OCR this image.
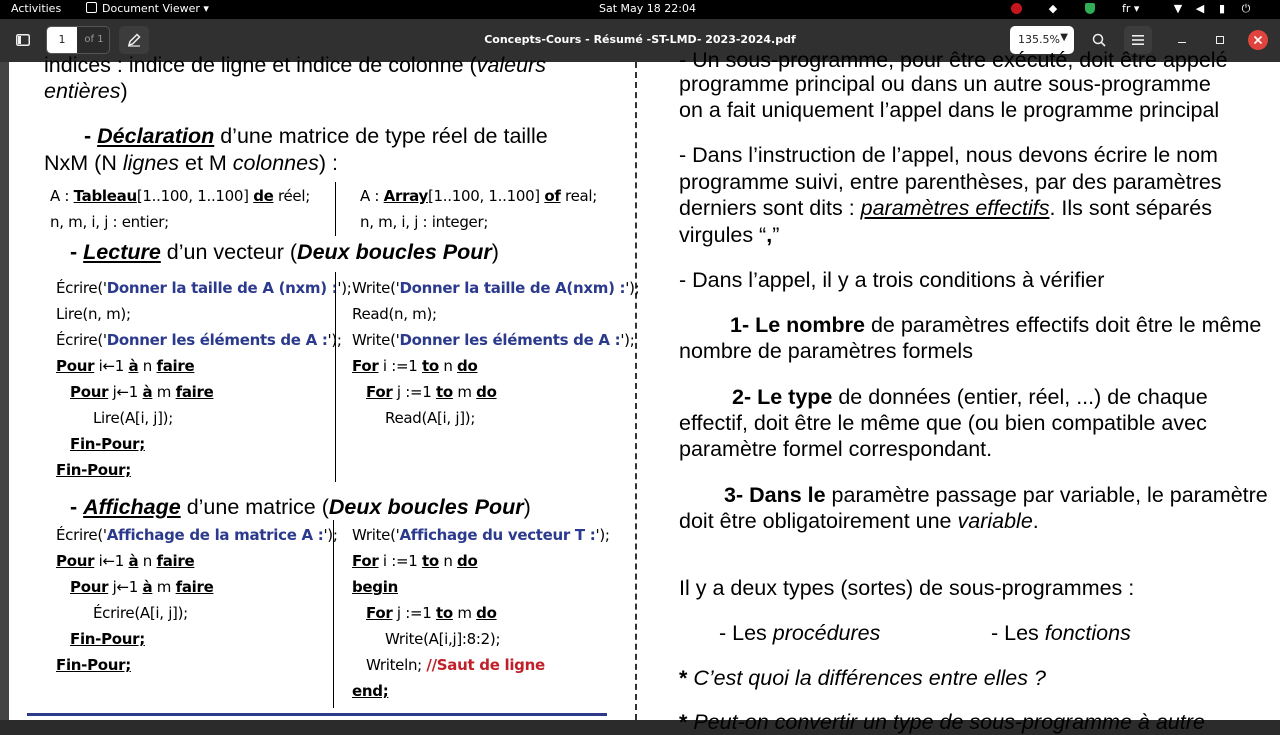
Activities	Document Viewer ▾	Sat May 18 22:04	◆	fr ▾	▼ ◀ ▮ ⏻
Concepts-Cours - Résumé -ST-LMD- 2023-2024.pdf
1	of 1	135.5% ▼
indices : indice de ligne et indice de colonne (valeurs
entières)
- Déclaration d’une matrice de type réel de taille
NxM (N lignes et M colonnes) :
A : Tableau[1..100, 1..100] de réel;
n, m, i, j : entier;
A : Array[1..100, 1..100] of real;
n, m, i, j : integer;
- Lecture d’un vecteur (Deux boucles Pour)
Écrire('Donner la taille de A (nxm) :');
Lire(n, m);
Écrire('Donner les éléments de A :');
Pour i←1 à n faire
Pour j←1 à m faire
Lire(A[i, j]);
Fin-Pour;
Fin-Pour;
Write('Donner la taille de A(nxm) :');
Read(n, m);
Write('Donner les éléments de A :');
For i :=1 to n do
For j :=1 to m do
Read(A[i, j]);
- Affichage d’une matrice (Deux boucles Pour)
Écrire('Affichage de la matrice A :');
Pour i←1 à n faire
Pour j←1 à m faire
Écrire(A[i, j]);
Fin-Pour;
Fin-Pour;
Write('Affichage du vecteur T :');
For i :=1 to n do
begin
For j :=1 to m do
Write(A[i,j]:8:2);
Writeln; //Saut de ligne
end;
- Un sous-programme, pour être exécuté, doit être appelé
programme principal ou dans un autre sous-programme
on a fait uniquement l’appel dans le programme principal
- Dans l’instruction de l’appel, nous devons écrire le nom
programme suivi, entre parenthèses, par des paramètres
derniers sont dits : paramètres effectifs. Ils sont séparés
virgules “,”
- Dans l’appel, il y a trois conditions à vérifier
1- Le nombre de paramètres effectifs doit être le même
nombre de paramètres formels
2- Le type de données (entier, réel, ...) de chaque
effectif, doit être le même que (ou bien compatible avec
paramètre formel correspondant.
3- Dans le paramètre passage par variable, le paramètre
doit être obligatoirement une variable.
Il y a deux types (sortes) de sous-programmes :
- Les procédures	- Les fonctions
* C’est quoi la différences entre elles ?
* Peut-on convertir un type de sous-programme à autre
